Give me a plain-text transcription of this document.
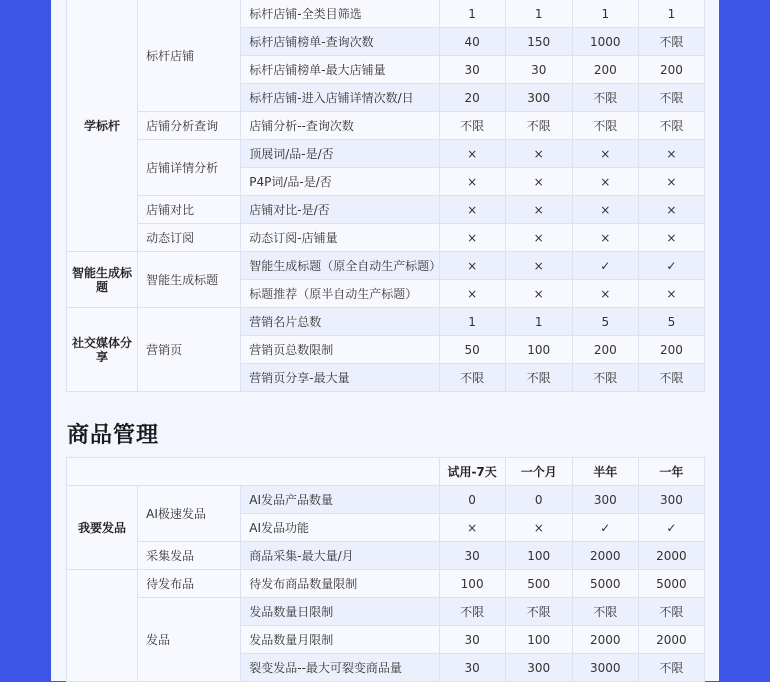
学标杆	标杆店铺	标杆店铺-全类目筛选	1	1	1	1
		标杆店铺榜单-查询次数	40	150	1000	不限
		标杆店铺榜单-最大店铺量	30	30	200	200
		标杆店铺-进入店铺详情次数/日	20	300	不限	不限
	店铺分析查询	店铺分析--查询次数	不限	不限	不限	不限
	店铺详情分析	顶展词/品-是/否	×	×	×	×
		P4P词/品-是/否	×	×	×	×
	店铺对比	店铺对比-是/否	×	×	×	×
	动态订阅	动态订阅-店铺量	×	×	×	×
智能生成标题	智能生成标题	智能生成标题（原全自动生产标题）	×	×	✓	✓
		标题推荐（原半自动生产标题）	×	×	×	×
社交媒体分享	营销页	营销名片总数	1	1	5	5
		营销页总数限制	50	100	200	200
		营销页分享-最大量	不限	不限	不限	不限
商品管理
			试用-7天	一个月	半年	一年
我要发品	AI极速发品	AI发品产品数量	0	0	300	300
		AI发品功能	×	×	✓	✓
	采集发品	商品采集-最大量/月	30	100	2000	2000
	待发布品	待发布商品数量限制	100	500	5000	5000
	发品	发品数量日限制	不限	不限	不限	不限
		发品数量月限制	30	100	2000	2000
		裂变发品--最大可裂变商品量	30	300	3000	不限
